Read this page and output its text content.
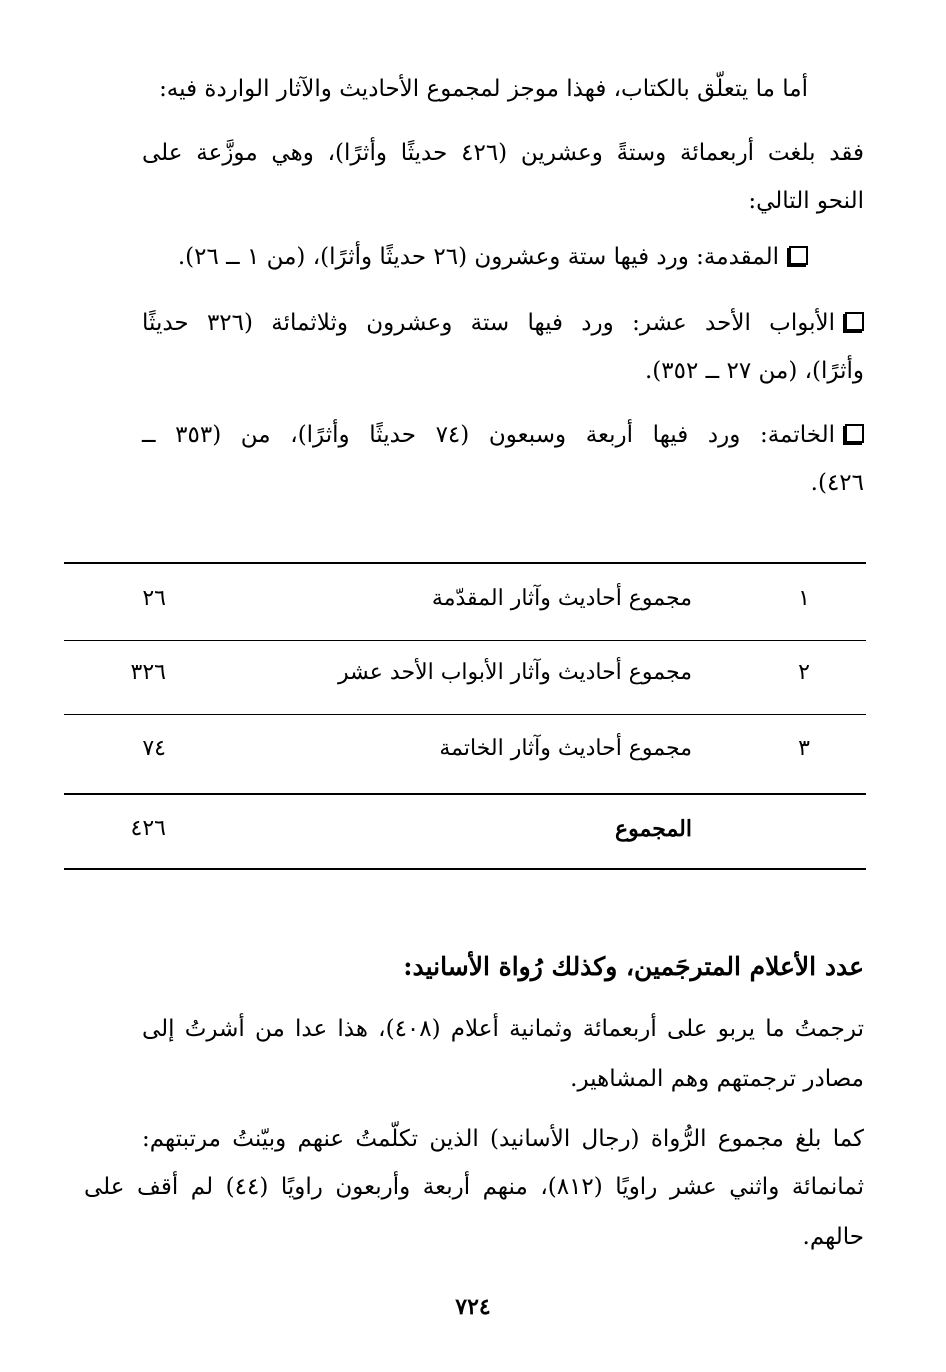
أما ما يتعلّق بالكتاب، فهذا موجز لمجموع الأحاديث والآثار الواردة فيه:
فقد بلغت أربعمائة وستةً وعشرين (٤٢٦ حديثًا وأثرًا)، وهي موزَّعة على
النحو التالي:
المقدمة: ورد فيها ستة وعشرون (٢٦ حديثًا وأثرًا)، (من ١ ــ ٢٦).
الأبواب الأحد عشر: ورد فيها ستة وعشرون وثلاثمائة (٣٢٦ حديثًا
وأثرًا)، (من ٢٧ ــ ٣٥٢).
الخاتمة: ورد فيها أربعة وسبعون (٧٤ حديثًا وأثرًا)، من (٣٥٣ ــ
٤٢٦).
١
مجموع أحاديث وآثار المقدّمة
٢٦
٢
مجموع أحاديث وآثار الأبواب الأحد عشر
٣٢٦
٣
مجموع أحاديث وآثار الخاتمة
٧٤
المجموع
٤٢٦
عدد الأعلام المترجَمين، وكذلك رُواة الأسانيد:
ترجمتُ ما يربو على أربعمائة وثمانية أعلام (٤٠٨)، هذا عدا من أشرتُ إلى
مصادر ترجمتهم وهم المشاهير.
كما بلغ مجموع الرُّواة (رجال الأسانيد) الذين تكلّمتُ عنهم وبيّنتُ مرتبتهم:
ثمانمائة واثني عشر راويًا (٨١٢)، منهم أربعة وأربعون راويًا (٤٤) لم أقف على
حالهم.
٧٢٤
